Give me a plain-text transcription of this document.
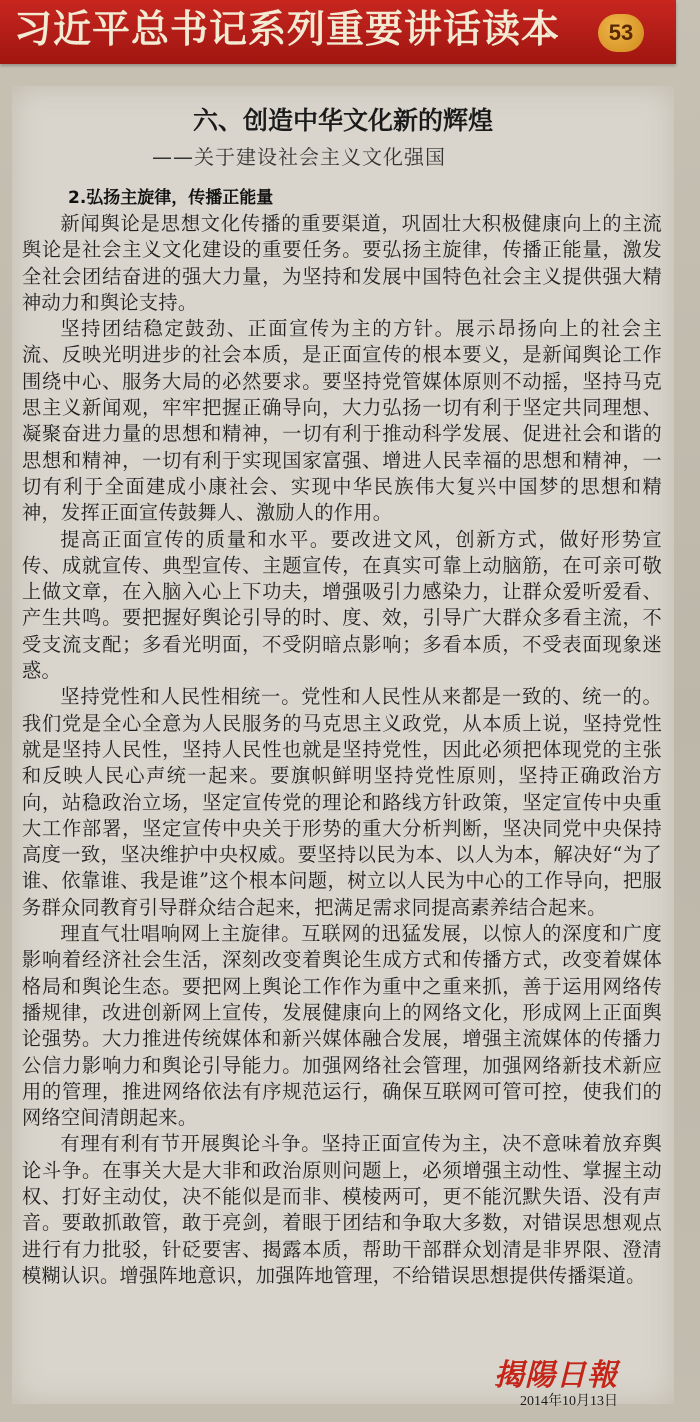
习近平总书记系列重要讲话读本	53
六、创造中华文化新的辉煌
——关于建设社会主义文化强国
2.弘扬主旋律，传播正能量

新闻舆论是思想文化传播的重要渠道，巩固壮大积极健康向上的主流舆论是社会主义文化建设的重要任务。要弘扬主旋律，传播正能量，激发全社会团结奋进的强大力量，为坚持和发展中国特色社会主义提供强大精神动力和舆论支持。

坚持团结稳定鼓劲、正面宣传为主的方针。展示昂扬向上的社会主流、反映光明进步的社会本质，是正面宣传的根本要义，是新闻舆论工作围绕中心、服务大局的必然要求。要坚持党管媒体原则不动摇，坚持马克思主义新闻观，牢牢把握正确导向，大力弘扬一切有利于坚定共同理想、凝聚奋进力量的思想和精神，一切有利于推动科学发展、促进社会和谐的思想和精神，一切有利于实现国家富强、增进人民幸福的思想和精神，一切有利于全面建成小康社会、实现中华民族伟大复兴中国梦的思想和精神，发挥正面宣传鼓舞人、激励人的作用。

提高正面宣传的质量和水平。要改进文风，创新方式，做好形势宣传、成就宣传、典型宣传、主题宣传，在真实可靠上动脑筋，在可亲可敬上做文章，在入脑入心上下功夫，增强吸引力感染力，让群众爱听爱看、产生共鸣。要把握好舆论引导的时、度、效，引导广大群众多看主流，不受支流支配；多看光明面，不受阴暗点影响；多看本质，不受表面现象迷惑。

坚持党性和人民性相统一。党性和人民性从来都是一致的、统一的。我们党是全心全意为人民服务的马克思主义政党，从本质上说，坚持党性就是坚持人民性，坚持人民性也就是坚持党性，因此必须把体现党的主张和反映人民心声统一起来。要旗帜鲜明坚持党性原则，坚持正确政治方向，站稳政治立场，坚定宣传党的理论和路线方针政策，坚定宣传中央重大工作部署，坚定宣传中央关于形势的重大分析判断，坚决同党中央保持高度一致，坚决维护中央权威。要坚持以民为本、以人为本，解决好“为了谁、依靠谁、我是谁”这个根本问题，树立以人民为中心的工作导向，把服务群众同教育引导群众结合起来，把满足需求同提高素养结合起来。

理直气壮唱响网上主旋律。互联网的迅猛发展，以惊人的深度和广度影响着经济社会生活，深刻改变着舆论生成方式和传播方式，改变着媒体格局和舆论生态。要把网上舆论工作作为重中之重来抓，善于运用网络传播规律，改进创新网上宣传，发展健康向上的网络文化，形成网上正面舆论强势。大力推进传统媒体和新兴媒体融合发展，增强主流媒体的传播力公信力影响力和舆论引导能力。加强网络社会管理，加强网络新技术新应用的管理，推进网络依法有序规范运行，确保互联网可管可控，使我们的网络空间清朗起来。

有理有利有节开展舆论斗争。坚持正面宣传为主，决不意味着放弃舆论斗争。在事关大是大非和政治原则问题上，必须增强主动性、掌握主动权、打好主动仗，决不能似是而非、模棱两可，更不能沉默失语、没有声音。要敢抓敢管，敢于亮剑，着眼于团结和争取大多数，对错误思想观点进行有力批驳，针砭要害、揭露本质，帮助干部群众划清是非界限、澄清模糊认识。增强阵地意识，加强阵地管理，不给错误思想提供传播渠道。

揭陽日報
2014年10月13日
